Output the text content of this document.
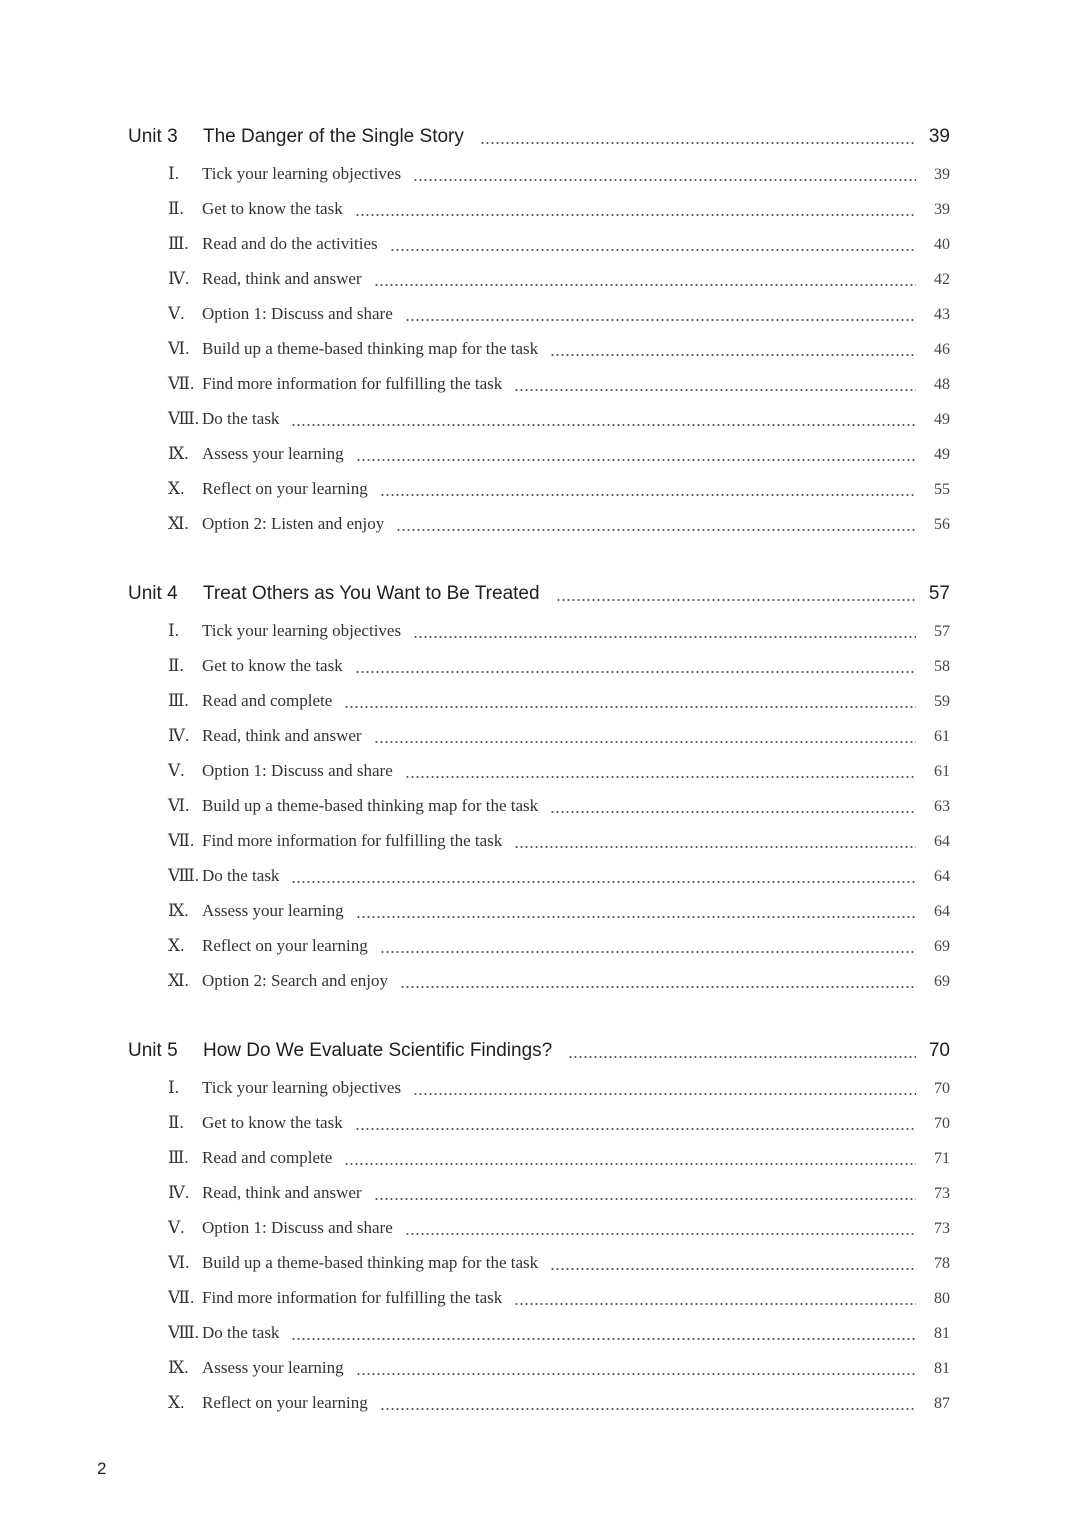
Unit 3	The Danger of the Single Story	39
Ⅰ.	Tick your learning objectives	39
Ⅱ.	Get to know the task	39
Ⅲ. Read and do the activities	40
Ⅳ. Read, think and answer	42
Ⅴ.	Option 1: Discuss and share	43
Ⅵ. Build up a theme-based thinking map for the task	46
Ⅶ. Find more information for fulfilling the task	48
Ⅷ. Do the task	49
Ⅸ. Assess your learning	49
Ⅹ.	Reflect on your learning	55
Ⅺ. Option 2: Listen and enjoy	56
Unit 4	Treat Others as You Want to Be Treated	57
Ⅰ.	Tick your learning objectives	57
Ⅱ.	Get to know the task	58
Ⅲ. Read and complete	59
Ⅳ. Read, think and answer	61
Ⅴ.	Option 1: Discuss and share	61
Ⅵ. Build up a theme-based thinking map for the task	63
Ⅶ. Find more information for fulfilling the task	64
Ⅷ. Do the task	64
Ⅸ. Assess your learning	64
Ⅹ.	Reflect on your learning	69
Ⅺ. Option 2: Search and enjoy	69
Unit 5	How Do We Evaluate Scientific Findings?	70
Ⅰ.	Tick your learning objectives	70
Ⅱ.	Get to know the task	70
Ⅲ. Read and complete	71
Ⅳ. Read, think and answer	73
Ⅴ.	Option 1: Discuss and share	73
Ⅵ. Build up a theme-based thinking map for the task	78
Ⅶ. Find more information for fulfilling the task	80
Ⅷ. Do the task	81
Ⅸ. Assess your learning	81
Ⅹ.	Reflect on your learning	87
2
